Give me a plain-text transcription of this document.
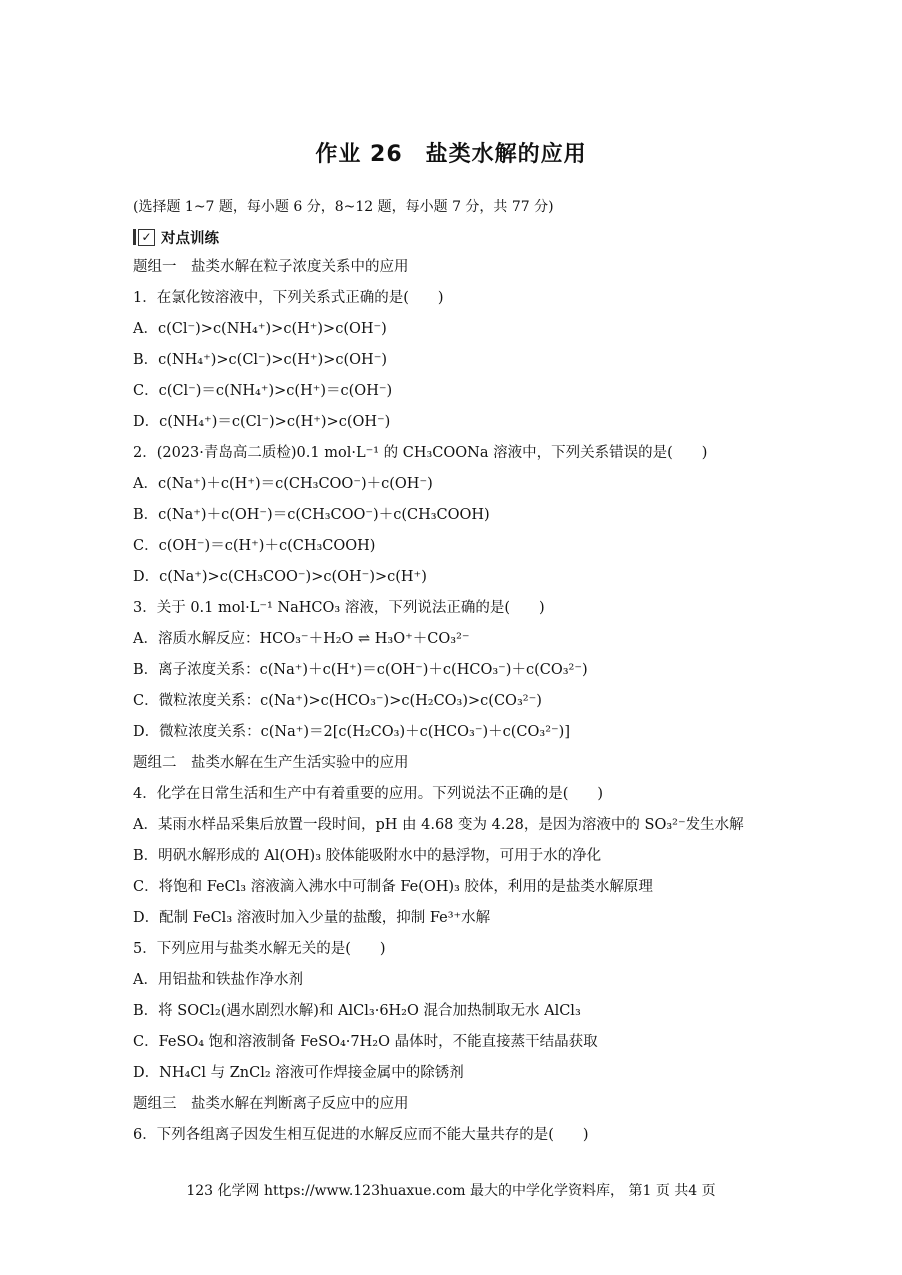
作业 26　盐类水解的应用
(选择题 1~7 题，每小题 6 分，8~12 题，每小题 7 分，共 77 分)
✓ 对点训练
题组一　盐类水解在粒子浓度关系中的应用
1．在氯化铵溶液中，下列关系式正确的是(　　)
A．c(Cl⁻)>c(NH₄⁺)>c(H⁺)>c(OH⁻)
B．c(NH₄⁺)>c(Cl⁻)>c(H⁺)>c(OH⁻)
C．c(Cl⁻)＝c(NH₄⁺)>c(H⁺)＝c(OH⁻)
D．c(NH₄⁺)＝c(Cl⁻)>c(H⁺)>c(OH⁻)
2．(2023·青岛高二质检)0.1 mol·L⁻¹ 的 CH₃COONa 溶液中，下列关系错误的是(　　)
A．c(Na⁺)＋c(H⁺)＝c(CH₃COO⁻)＋c(OH⁻)
B．c(Na⁺)＋c(OH⁻)＝c(CH₃COO⁻)＋c(CH₃COOH)
C．c(OH⁻)＝c(H⁺)＋c(CH₃COOH)
D．c(Na⁺)>c(CH₃COO⁻)>c(OH⁻)>c(H⁺)
3．关于 0.1 mol·L⁻¹ NaHCO₃ 溶液，下列说法正确的是(　　)
A．溶质水解反应：HCO₃⁻＋H₂O ⇌ H₃O⁺＋CO₃²⁻
B．离子浓度关系：c(Na⁺)＋c(H⁺)＝c(OH⁻)＋c(HCO₃⁻)＋c(CO₃²⁻)
C．微粒浓度关系：c(Na⁺)>c(HCO₃⁻)>c(H₂CO₃)>c(CO₃²⁻)
D．微粒浓度关系：c(Na⁺)＝2[c(H₂CO₃)＋c(HCO₃⁻)＋c(CO₃²⁻)]
题组二　盐类水解在生产生活实验中的应用
4．化学在日常生活和生产中有着重要的应用。下列说法不正确的是(　　)
A．某雨水样品采集后放置一段时间，pH 由 4.68 变为 4.28，是因为溶液中的 SO₃²⁻发生水解
B．明矾水解形成的 Al(OH)₃ 胶体能吸附水中的悬浮物，可用于水的净化
C．将饱和 FeCl₃ 溶液滴入沸水中可制备 Fe(OH)₃ 胶体，利用的是盐类水解原理
D．配制 FeCl₃ 溶液时加入少量的盐酸，抑制 Fe³⁺水解
5．下列应用与盐类水解无关的是(　　)
A．用铝盐和铁盐作净水剂
B．将 SOCl₂(遇水剧烈水解)和 AlCl₃·6H₂O 混合加热制取无水 AlCl₃
C．FeSO₄ 饱和溶液制备 FeSO₄·7H₂O 晶体时，不能直接蒸干结晶获取
D．NH₄Cl 与 ZnCl₂ 溶液可作焊接金属中的除锈剂
题组三　盐类水解在判断离子反应中的应用
6．下列各组离子因发生相互促进的水解反应而不能大量共存的是(　　)
123 化学网 https://www.123huaxue.com 最大的中学化学资料库， 第1 页 共4 页
